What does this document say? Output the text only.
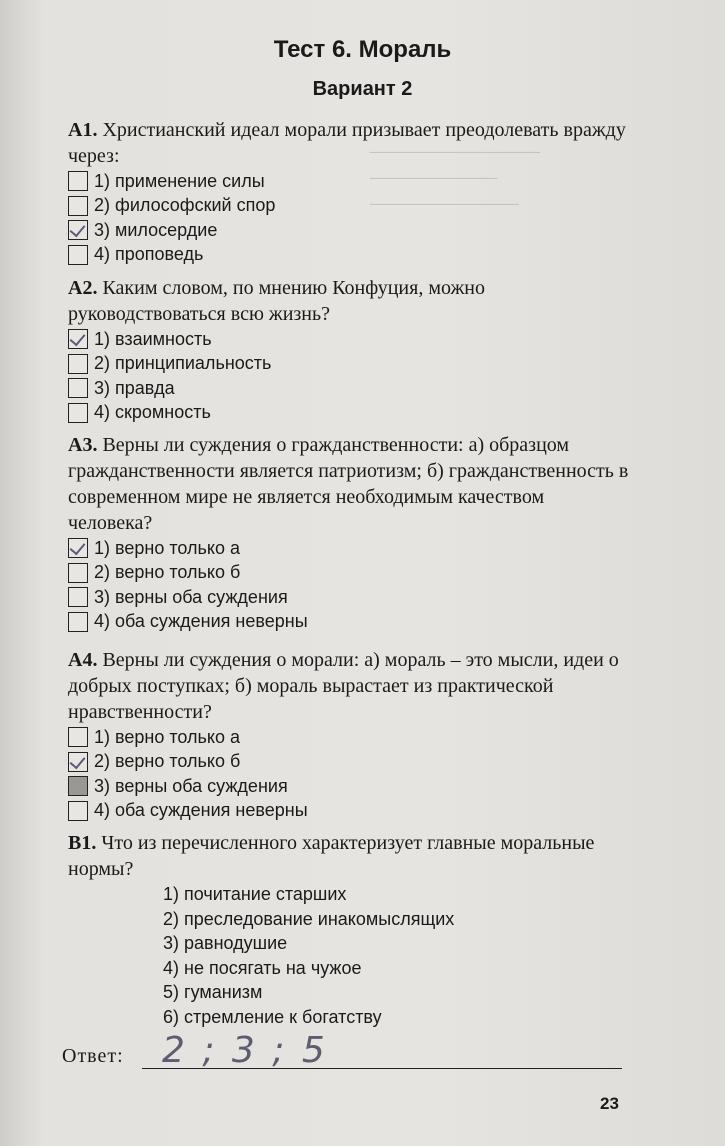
────────────────
────────────
──────────────
Тест 6. Мораль
Вариант 2

А1. Христианский идеал морали призывает преодолевать вражду через:

1) применение силы
2) философский спор
3) милосердие
4) проповедь

А2. Каким словом, по мнению Конфуция, можно руководствоваться всю жизнь?

1) взаимность
2) принципиальность
3) правда
4) скромность

А3. Верны ли суждения о гражданственности: а) образцом гражданственности является патриотизм; б) гражданственность в современном мире не является необходимым качеством человека?

1) верно только а
2) верно только б
3) верны оба суждения
4) оба суждения неверны

А4. Верны ли суждения о морали: а) мораль – это мысли, идеи о добрых поступках; б) мораль вырастает из практической нравственности?

1) верно только а
2) верно только б
3) верны оба суждения
4) оба суждения неверны

В1. Что из перечисленного характеризует главные моральные нормы?

1) почитание старших
2) преследование инакомыслящих
3) равнодушие
4) не посягать на чужое
5) гуманизм
6) стремление к богатству
Ответ: 2 ; 3 ; 5
23
